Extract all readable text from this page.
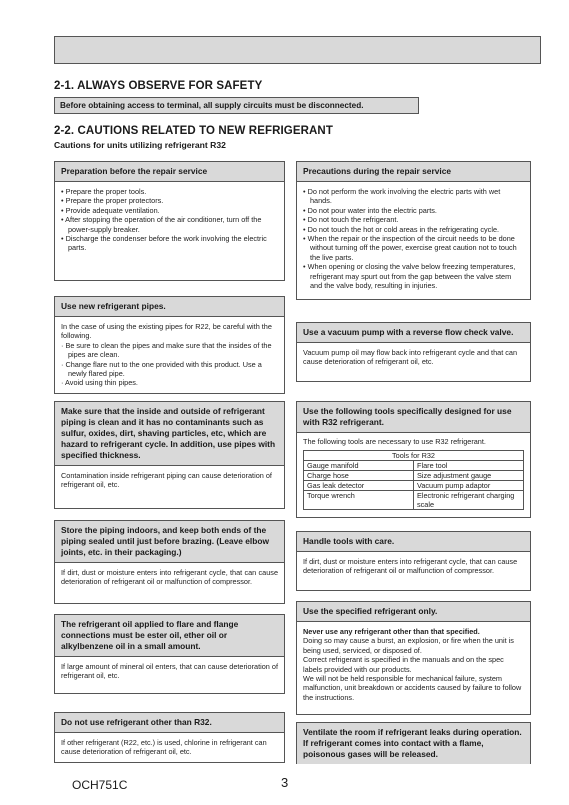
2-1. ALWAYS OBSERVE FOR SAFETY
Before obtaining access to terminal, all supply circuits must be disconnected.
2-2. CAUTIONS RELATED TO NEW REFRIGERANT
Cautions for units utilizing refrigerant R32
Preparation before the repair service
• Prepare the proper tools.
• Prepare the proper protectors.
• Provide adequate ventilation.
• After stopping the operation of the air conditioner, turn off the power-supply breaker.
• Discharge the condenser before the work involving the electric parts.
Use new refrigerant pipes.
In the case of using the existing pipes for R22, be careful with the following.
· Be sure to clean the pipes and make sure that the insides of the pipes are clean.
· Change flare nut to the one provided with this product. Use a newly flared pipe.
· Avoid using thin pipes.
Make sure that the inside and outside of refrigerant piping is clean and it has no contaminants such as sulfur, oxides, dirt, shaving particles, etc, which are hazard to refrigerant cycle. In addition, use pipes with specified thickness.
Contamination inside refrigerant piping can cause deterioration of refrigerant oil, etc.
Store the piping indoors, and keep both ends of the piping sealed until just before brazing. (Leave elbow joints, etc. in their packaging.)
If dirt, dust or moisture enters into refrigerant cycle, that can cause deterioration of refrigerant oil or malfunction of compressor.
The refrigerant oil applied to flare and flange connections must be ester oil, ether oil or alkylbenzene oil in a small amount.
If large amount of mineral oil enters, that can cause deterioration of refrigerant oil, etc.
Do not use refrigerant other than R32.
If other refrigerant (R22, etc.) is used, chlorine in refrigerant can cause deterioration of refrigerant oil, etc.
Precautions during the repair service
• Do not perform the work involving the electric parts with wet hands.
• Do not pour water into the electric parts.
• Do not touch the refrigerant.
• Do not touch the hot or cold areas in the refrigerating cycle.
• When the repair or the inspection of the circuit needs to be done without turning off the power, exercise great caution not to touch the live parts.
• When opening or closing the valve below freezing temperatures, refrigerant may spurt out from the gap between the valve stem and the valve body, resulting in injuries.
Use a vacuum pump with a reverse flow check valve.
Vacuum pump oil may flow back into refrigerant cycle and that can cause deterioration of refrigerant oil, etc.
Use the following tools specifically designed for use with R32 refrigerant.
The following tools are necessary to use R32 refrigerant.
Tools for R32	
Gauge manifold	Flare tool
Charge hose	Size adjustment gauge
Gas leak detector	Vacuum pump adaptor
Torque wrench	Electronic refrigerant charging scale
Handle tools with care.
If dirt, dust or moisture enters into refrigerant cycle, that can cause deterioration of refrigerant oil or malfunction of compressor.
Use the specified refrigerant only.
Never use any refrigerant other than that specified.
Doing so may cause a burst, an explosion, or fire when the unit is being used, serviced, or disposed of.
Correct refrigerant is specified in the manuals and on the spec labels provided with our products.
We will not be held responsible for mechanical failure, system malfunction, unit breakdown or accidents caused by failure to follow the instructions.
Ventilate the room if refrigerant leaks during operation. If refrigerant comes into contact with a flame, poisonous gases will be released.
OCH751C	3
